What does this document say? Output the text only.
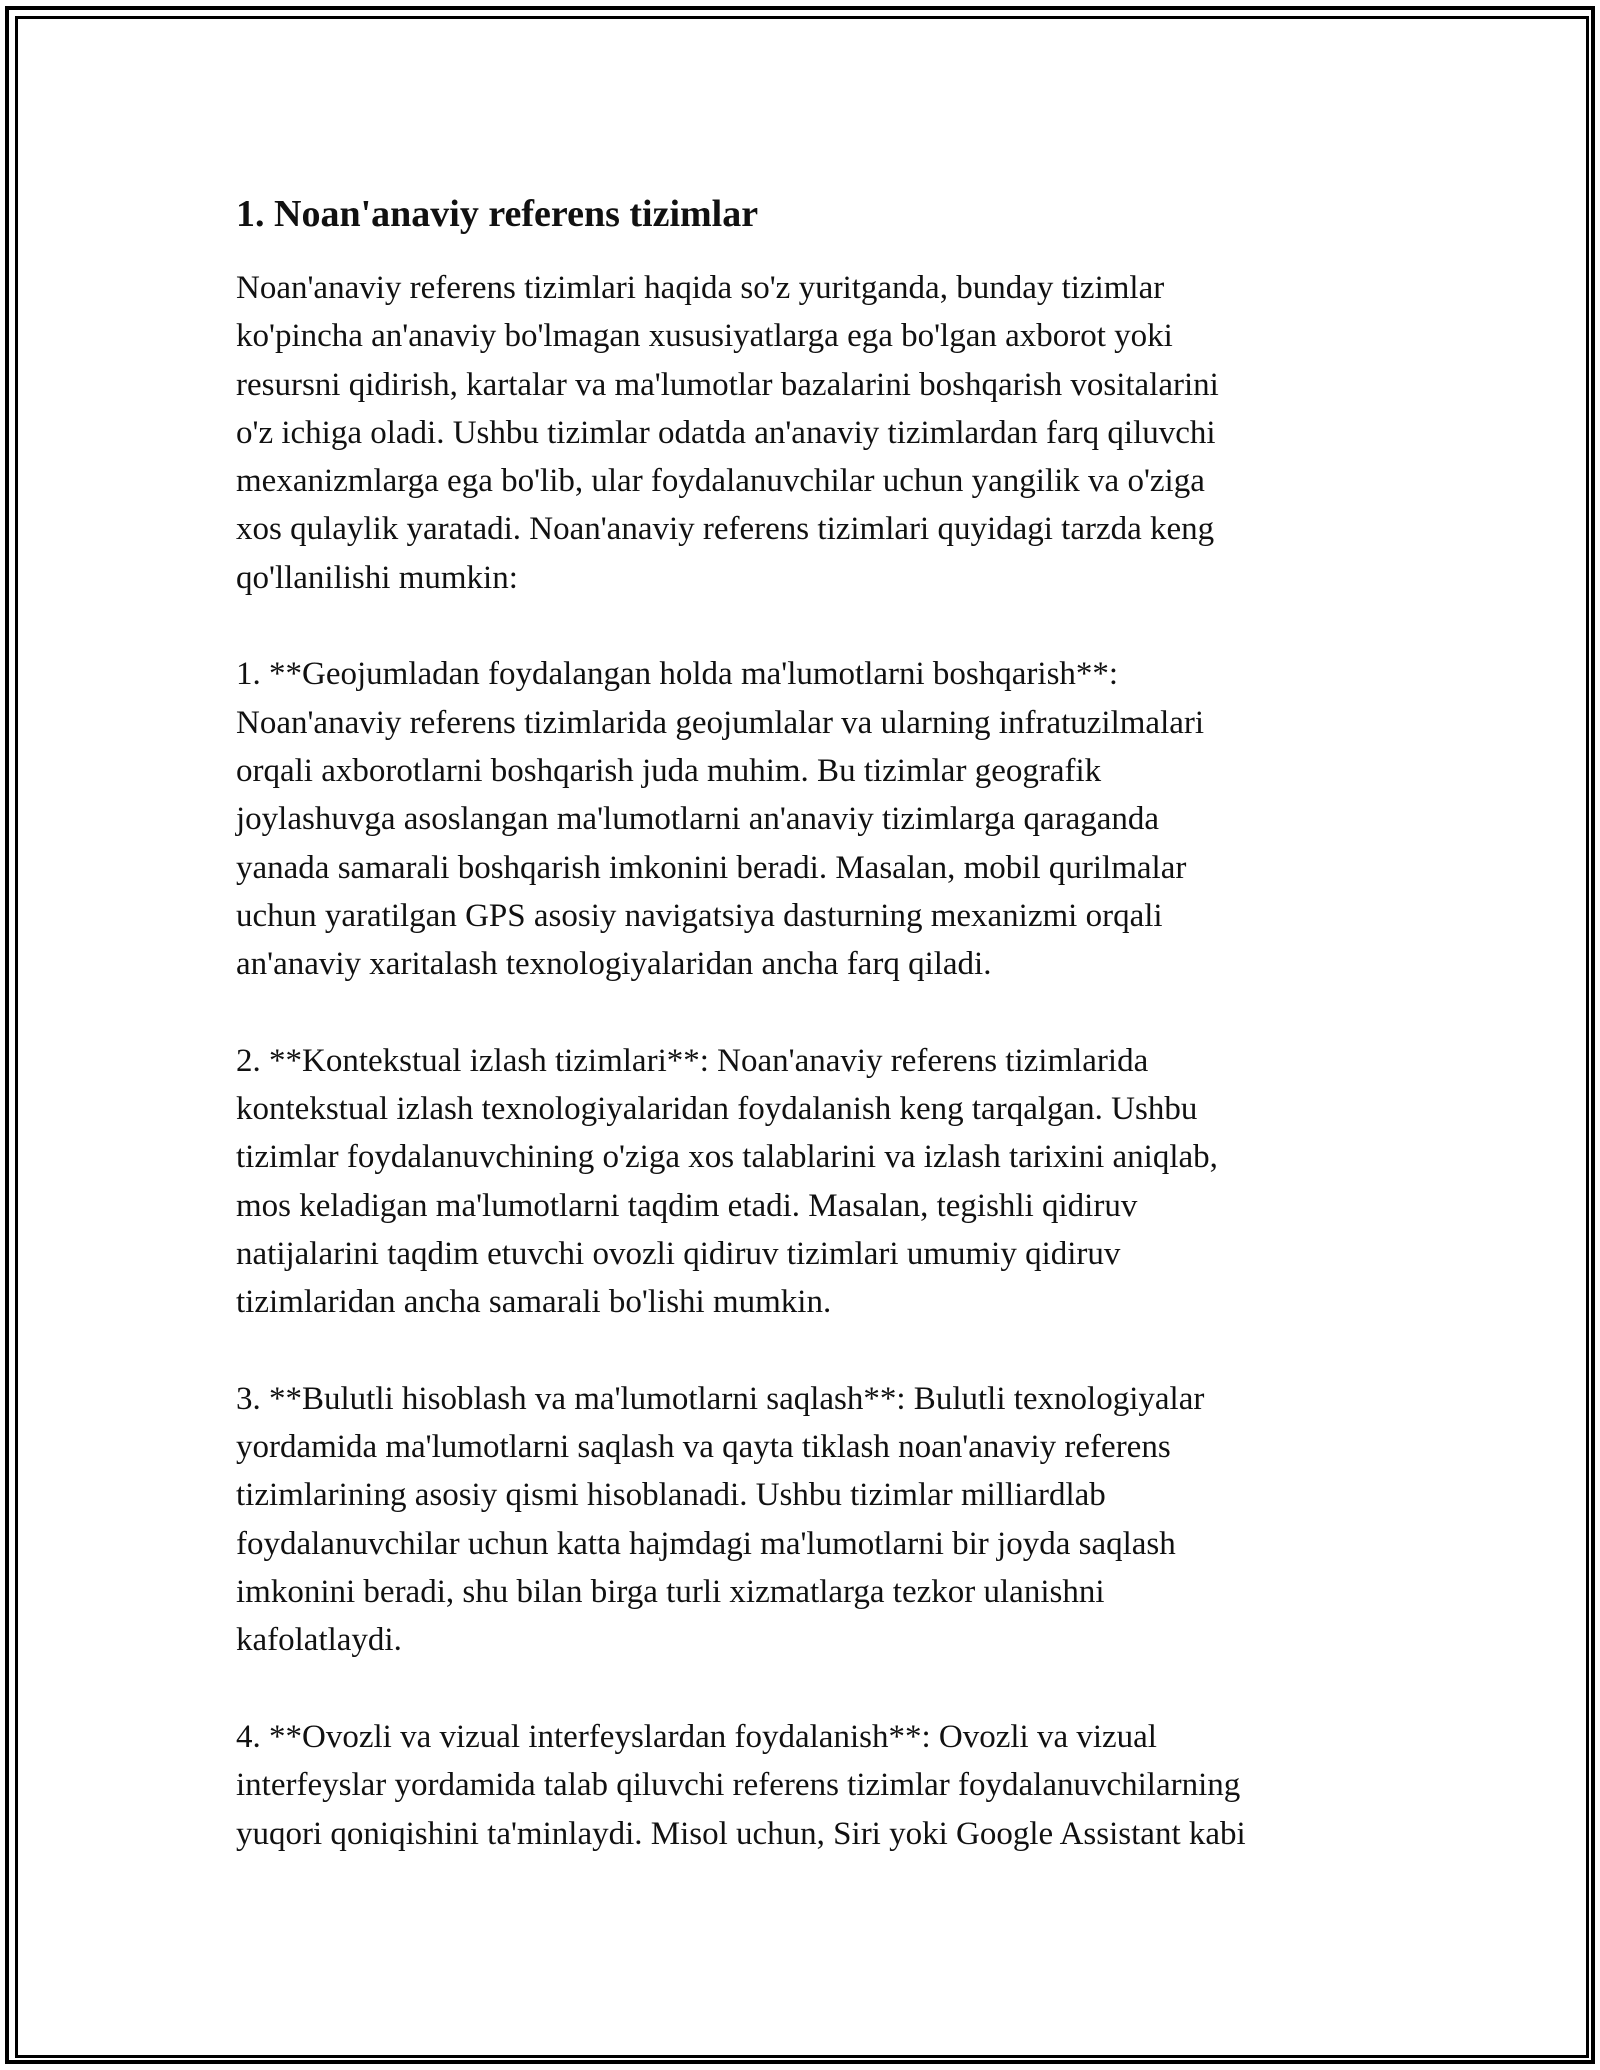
1. Noan'anaviy referens tizimlar

Noan'anaviy referens tizimlari haqida so'z yuritganda, bunday tizimlar
ko'pincha an'anaviy bo'lmagan xususiyatlarga ega bo'lgan axborot yoki
resursni qidirish, kartalar va ma'lumotlar bazalarini boshqarish vositalarini
o'z ichiga oladi. Ushbu tizimlar odatda an'anaviy tizimlardan farq qiluvchi
mexanizmlarga ega bo'lib, ular foydalanuvchilar uchun yangilik va o'ziga
xos qulaylik yaratadi. Noan'anaviy referens tizimlari quyidagi tarzda keng
qo'llanilishi mumkin:

1. **Geojumladan foydalangan holda ma'lumotlarni boshqarish**:
Noan'anaviy referens tizimlarida geojumlalar va ularning infratuzilmalari
orqali axborotlarni boshqarish juda muhim. Bu tizimlar geografik
joylashuvga asoslangan ma'lumotlarni an'anaviy tizimlarga qaraganda
yanada samarali boshqarish imkonini beradi. Masalan, mobil qurilmalar
uchun yaratilgan GPS asosiy navigatsiya dasturning mexanizmi orqali
an'anaviy xaritalash texnologiyalaridan ancha farq qiladi.

2. **Kontekstual izlash tizimlari**: Noan'anaviy referens tizimlarida
kontekstual izlash texnologiyalaridan foydalanish keng tarqalgan. Ushbu
tizimlar foydalanuvchining o'ziga xos talablarini va izlash tarixini aniqlab,
mos keladigan ma'lumotlarni taqdim etadi. Masalan, tegishli qidiruv
natijalarini taqdim etuvchi ovozli qidiruv tizimlari umumiy qidiruv
tizimlaridan ancha samarali bo'lishi mumkin.

3. **Bulutli hisoblash va ma'lumotlarni saqlash**: Bulutli texnologiyalar
yordamida ma'lumotlarni saqlash va qayta tiklash noan'anaviy referens
tizimlarining asosiy qismi hisoblanadi. Ushbu tizimlar milliardlab
foydalanuvchilar uchun katta hajmdagi ma'lumotlarni bir joyda saqlash
imkonini beradi, shu bilan birga turli xizmatlarga tezkor ulanishni
kafolatlaydi.

4. **Ovozli va vizual interfeyslardan foydalanish**: Ovozli va vizual
interfeyslar yordamida talab qiluvchi referens tizimlar foydalanuvchilarning
yuqori qoniqishini ta'minlaydi. Misol uchun, Siri yoki Google Assistant kabi
